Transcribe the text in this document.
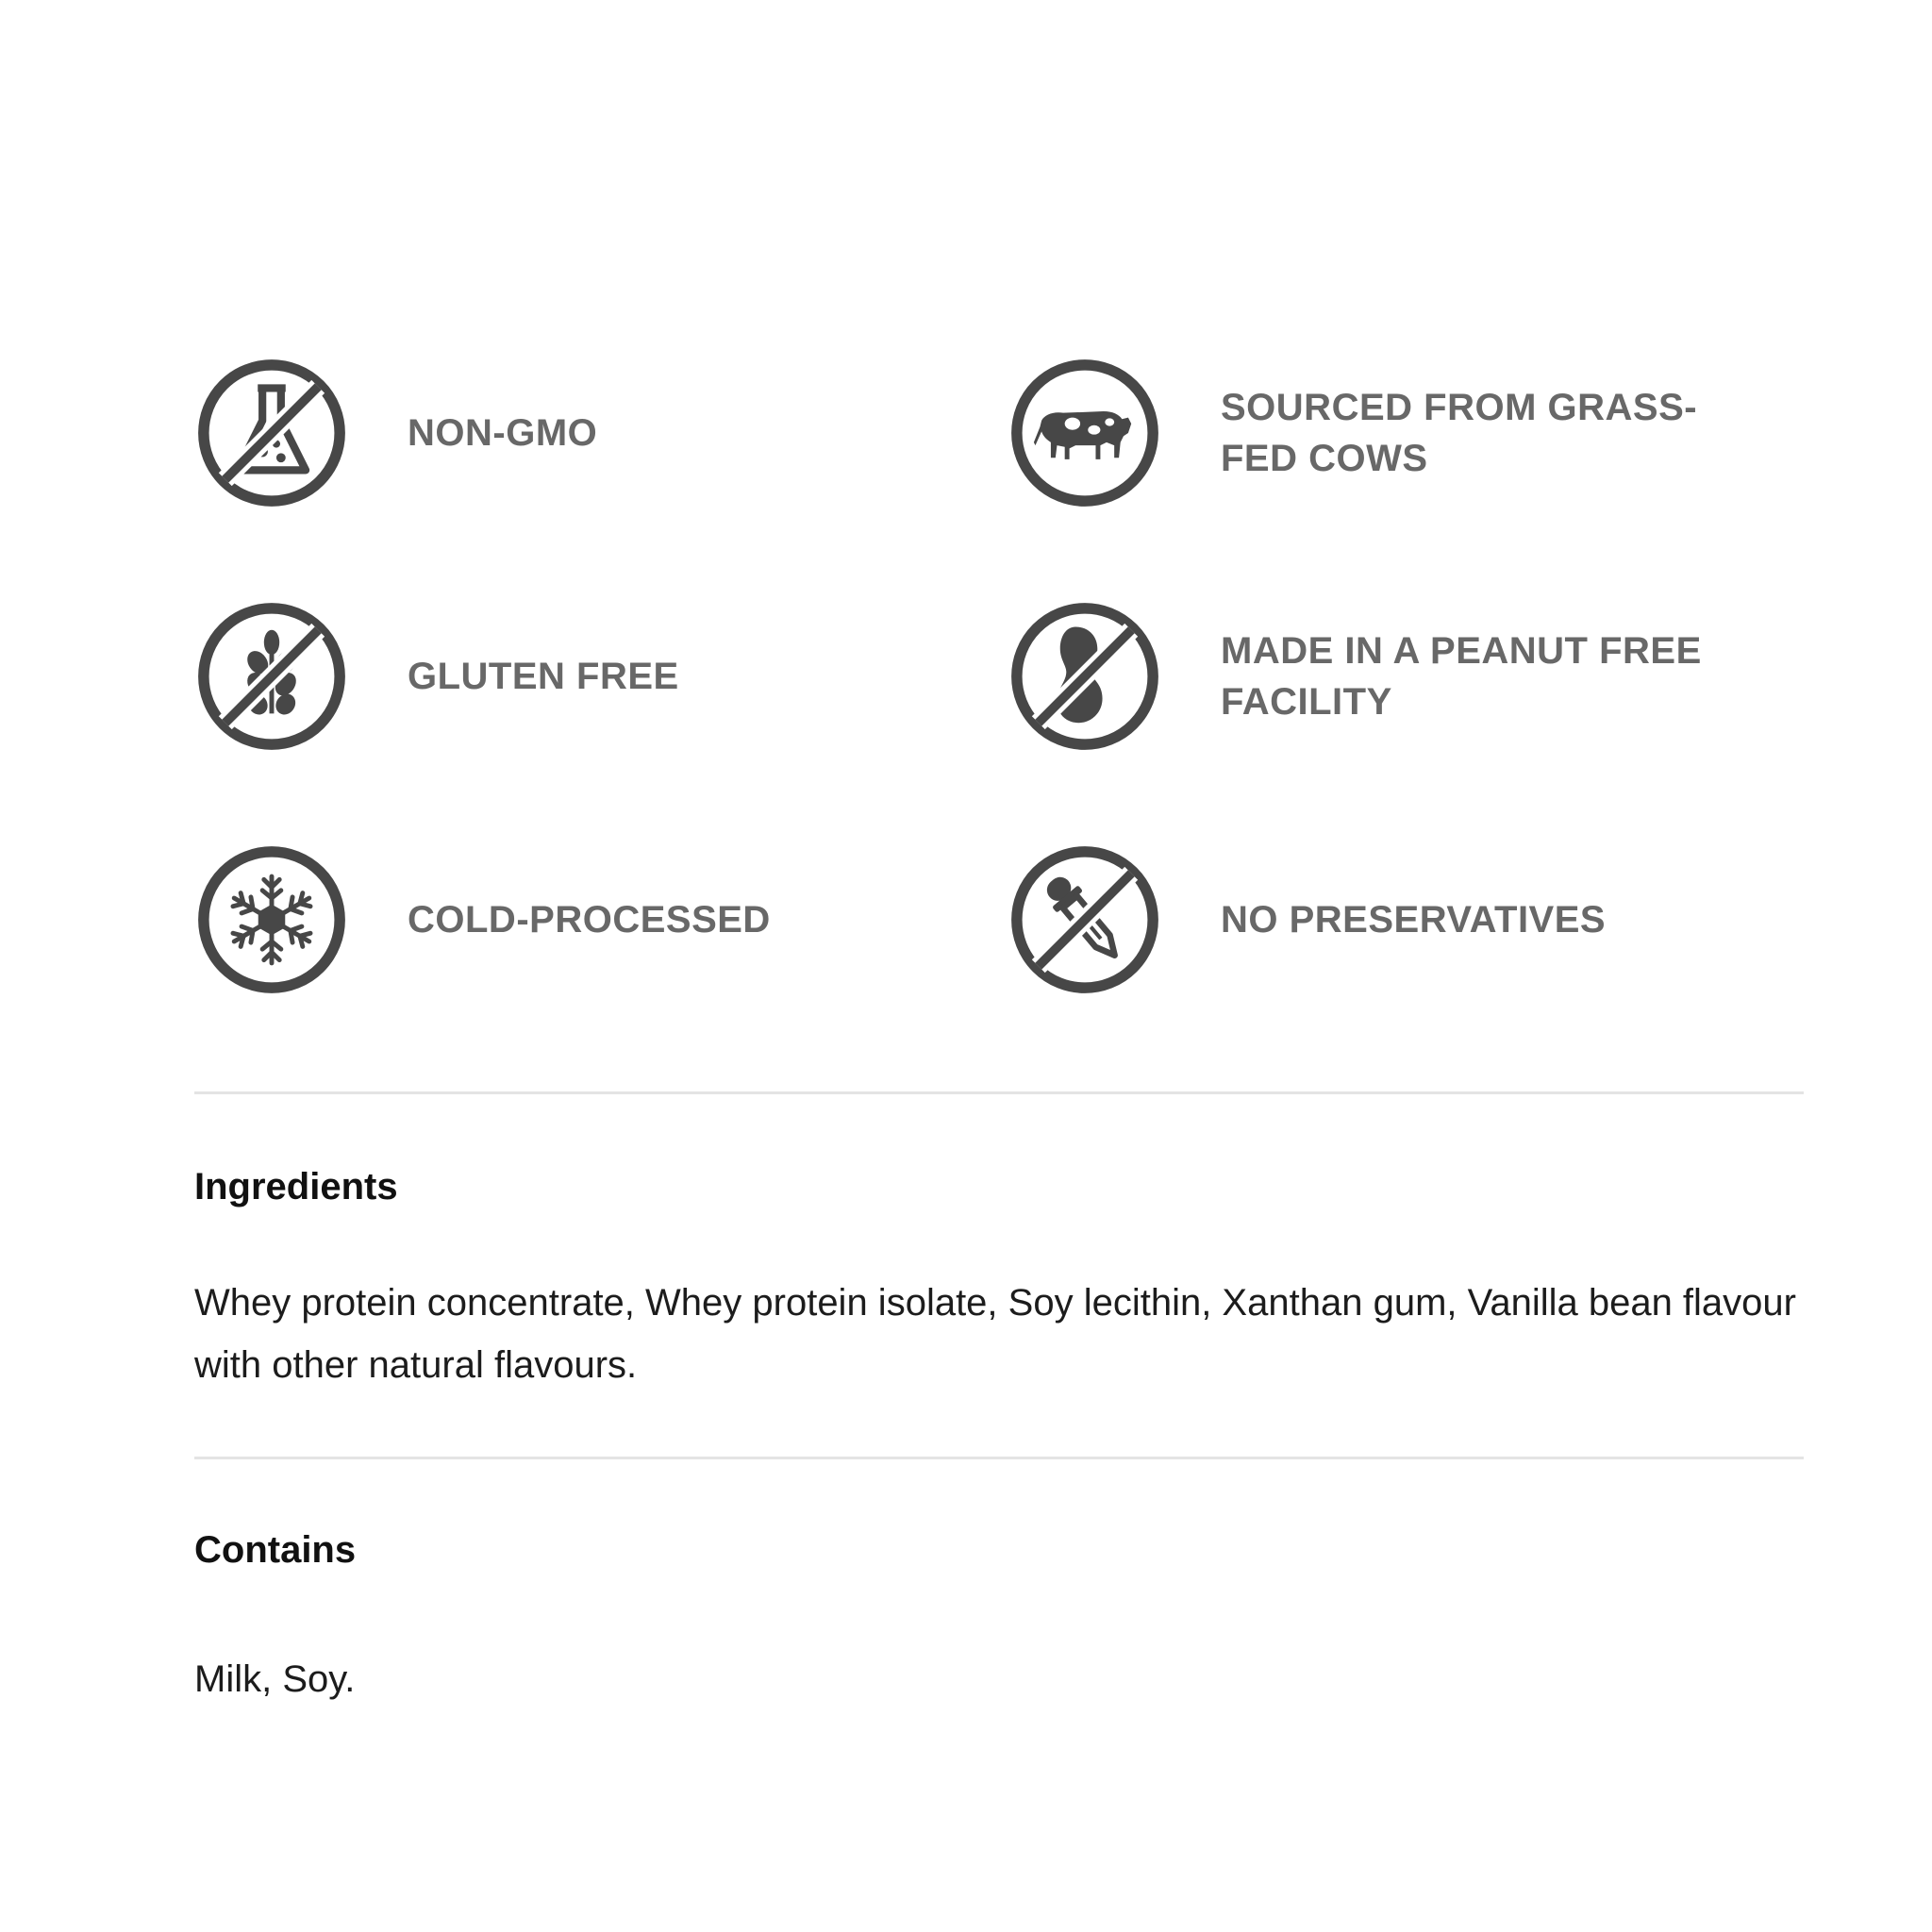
NON-GMO
SOURCED FROM GRASS-FED COWS
GLUTEN FREE
MADE IN A PEANUT FREE FACILITY
COLD-PROCESSED	NO PRESERVATIVES
Ingredients

Whey protein concentrate, Whey protein isolate, Soy lecithin, Xanthan gum, Vanilla bean flavour with other natural flavours.

Contains

Milk, Soy.
